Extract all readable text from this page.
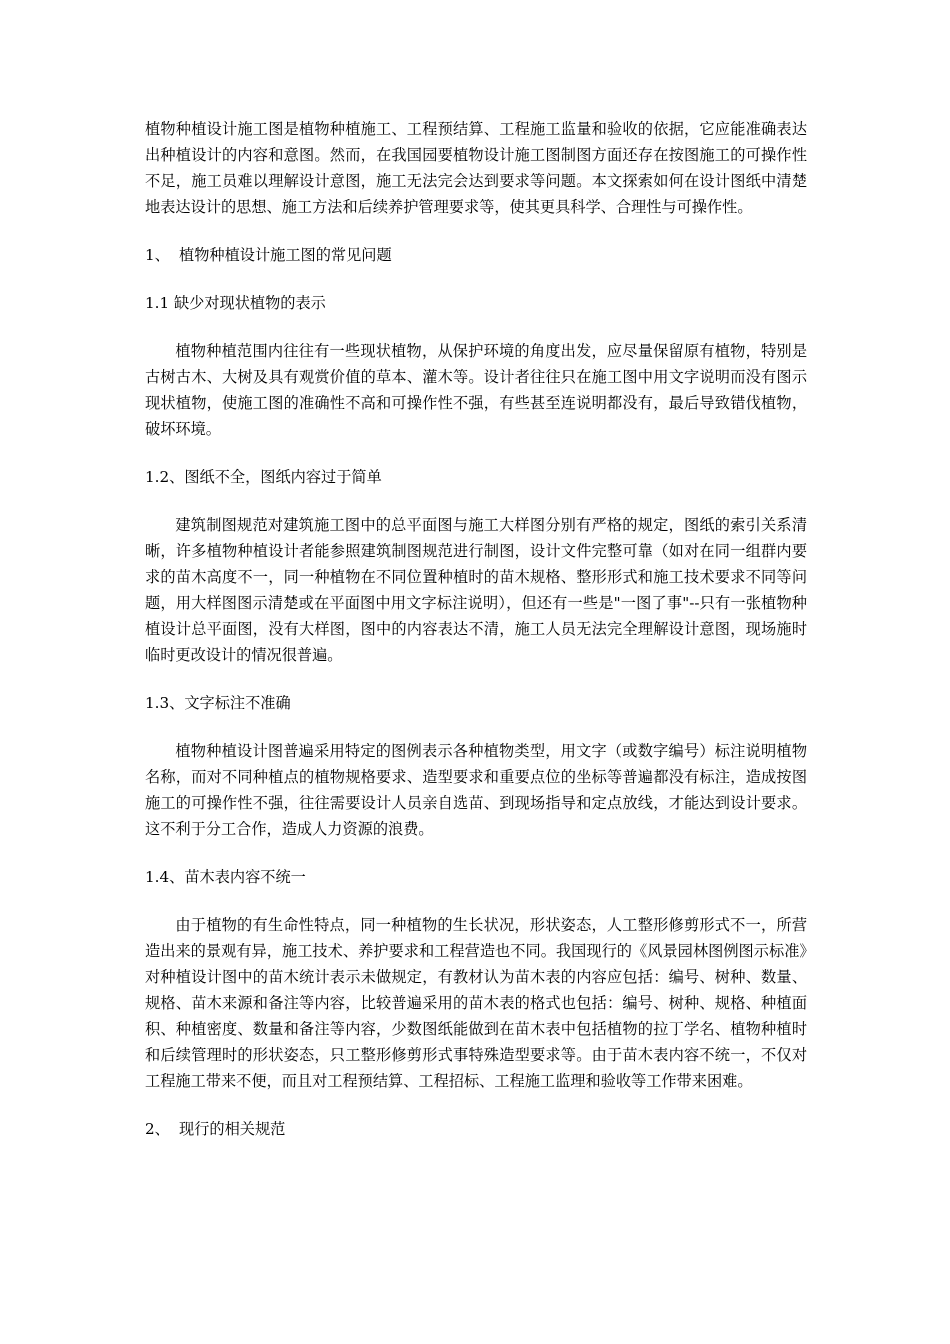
植物种植设计施工图是植物种植施工、工程预结算、工程施工监量和验收的依据，它应能准确表达出种植设计的内容和意图。然而，在我国园要植物设计施工图制图方面还存在按图施工的可操作性不足，施工员难以理解设计意图，施工无法完会达到要求等问题。本文探索如何在设计图纸中清楚地表达设计的思想、施工方法和后续养护管理要求等，使其更具科学、合理性与可操作性。

1、 植物种植设计施工图的常见问题

1.1 缺少对现状植物的表示

植物种植范围内往往有一些现状植物，从保护环境的角度出发，应尽量保留原有植物，特别是古树古木、大树及具有观赏价值的草本、灌木等。设计者往往只在施工图中用文字说明而没有图示现状植物，使施工图的准确性不高和可操作性不强，有些甚至连说明都没有，最后导致错伐植物，破坏环境。

1.2、图纸不全，图纸内容过于简单

建筑制图规范对建筑施工图中的总平面图与施工大样图分别有严格的规定，图纸的索引关系清晰，许多植物种植设计者能参照建筑制图规范进行制图，设计文件完整可靠（如对在同一组群内要求的苗木高度不一，同一种植物在不同位置种植时的苗木规格、整形形式和施工技术要求不同等问题，用大样图图示清楚或在平面图中用文字标注说明），但还有一些是"一图了事"--只有一张植物种植设计总平面图，没有大样图，图中的内容表达不清，施工人员无法完全理解设计意图，现场施时临时更改设计的情况很普遍。

1.3、文字标注不准确

植物种植设计图普遍采用特定的图例表示各种植物类型，用文字（或数字编号）标注说明植物名称，而对不同种植点的植物规格要求、造型要求和重要点位的坐标等普遍都没有标注，造成按图施工的可操作性不强，往往需要设计人员亲自选苗、到现场指导和定点放线，才能达到设计要求。这不利于分工合作，造成人力资源的浪费。

1.4、苗木表内容不统一

由于植物的有生命性特点，同一种植物的生长状况，形状姿态，人工整形修剪形式不一，所营造出来的景观有异，施工技术、养护要求和工程营造也不同。我国现行的《风景园林图例图示标准》对种植设计图中的苗木统计表示未做规定，有教材认为苗木表的内容应包括：编号、树种、数量、规格、苗木来源和备注等内容，比较普遍采用的苗木表的格式也包括：编号、树种、规格、种植面积、种植密度、数量和备注等内容，少数图纸能做到在苗木表中包括植物的拉丁学名、植物种植时和后续管理时的形状姿态，只工整形修剪形式事特殊造型要求等。由于苗木表内容不统一，不仅对工程施工带来不便，而且对工程预结算、工程招标、工程施工监理和验收等工作带来困难。

2、 现行的相关规范
